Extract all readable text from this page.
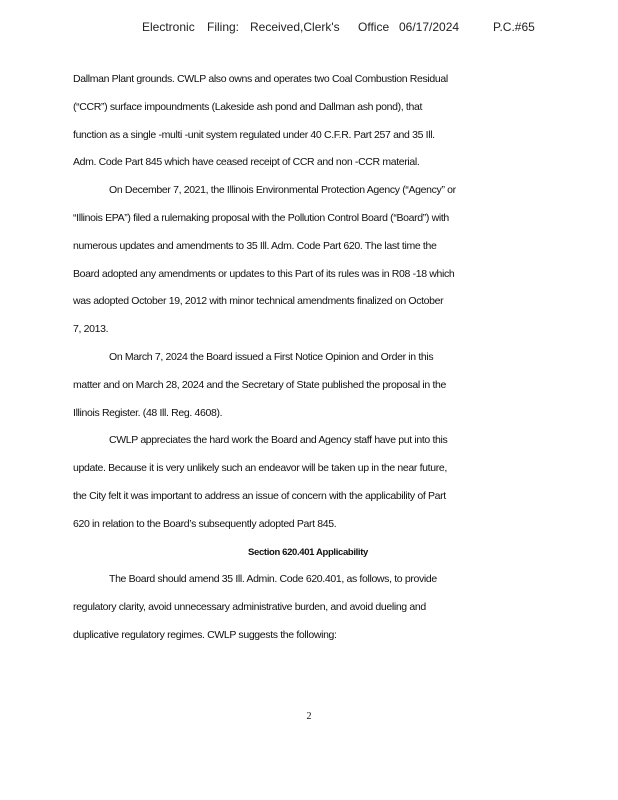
Electronic Filing: Received,Clerk's Office 06/17/2024	P.C.#65
Dallman Plant grounds. CWLP also owns and operates two Coal Combustion Residual
(“CCR”) surface impoundments (Lakeside ash pond and Dallman ash pond), that
function as a single -multi -unit system regulated under 40 C.F.R. Part 257 and 35 Ill.
Adm. Code Part 845 which have ceased receipt of CCR and non -CCR material.
On December 7, 2021, the Illinois Environmental Protection Agency (“Agency” or
“Illinois EPA”) filed a rulemaking proposal with the Pollution Control Board (“Board”) with
numerous updates and amendments to 35 Ill. Adm. Code Part 620. The last time the
Board adopted any amendments or updates to this Part of its rules was in R08 -18 which
was adopted October 19, 2012 with minor technical amendments finalized on October
7, 2013.
On March 7, 2024 the Board issued a First Notice Opinion and Order in this
matter and on March 28, 2024 and the Secretary of State published the proposal in the
Illinois Register. (48 Ill. Reg. 4608).
CWLP appreciates the hard work the Board and Agency staff have put into this
update. Because it is very unlikely such an endeavor will be taken up in the near future,
the City felt it was important to address an issue of concern with the applicability of Part
620 in relation to the Board’s subsequently adopted Part 845.
Section 620.401 Applicability
The Board should amend 35 Ill. Admin. Code 620.401, as follows, to provide
regulatory clarity, avoid unnecessary administrative burden, and avoid dueling and
duplicative regulatory regimes. CWLP suggests the following:
2
